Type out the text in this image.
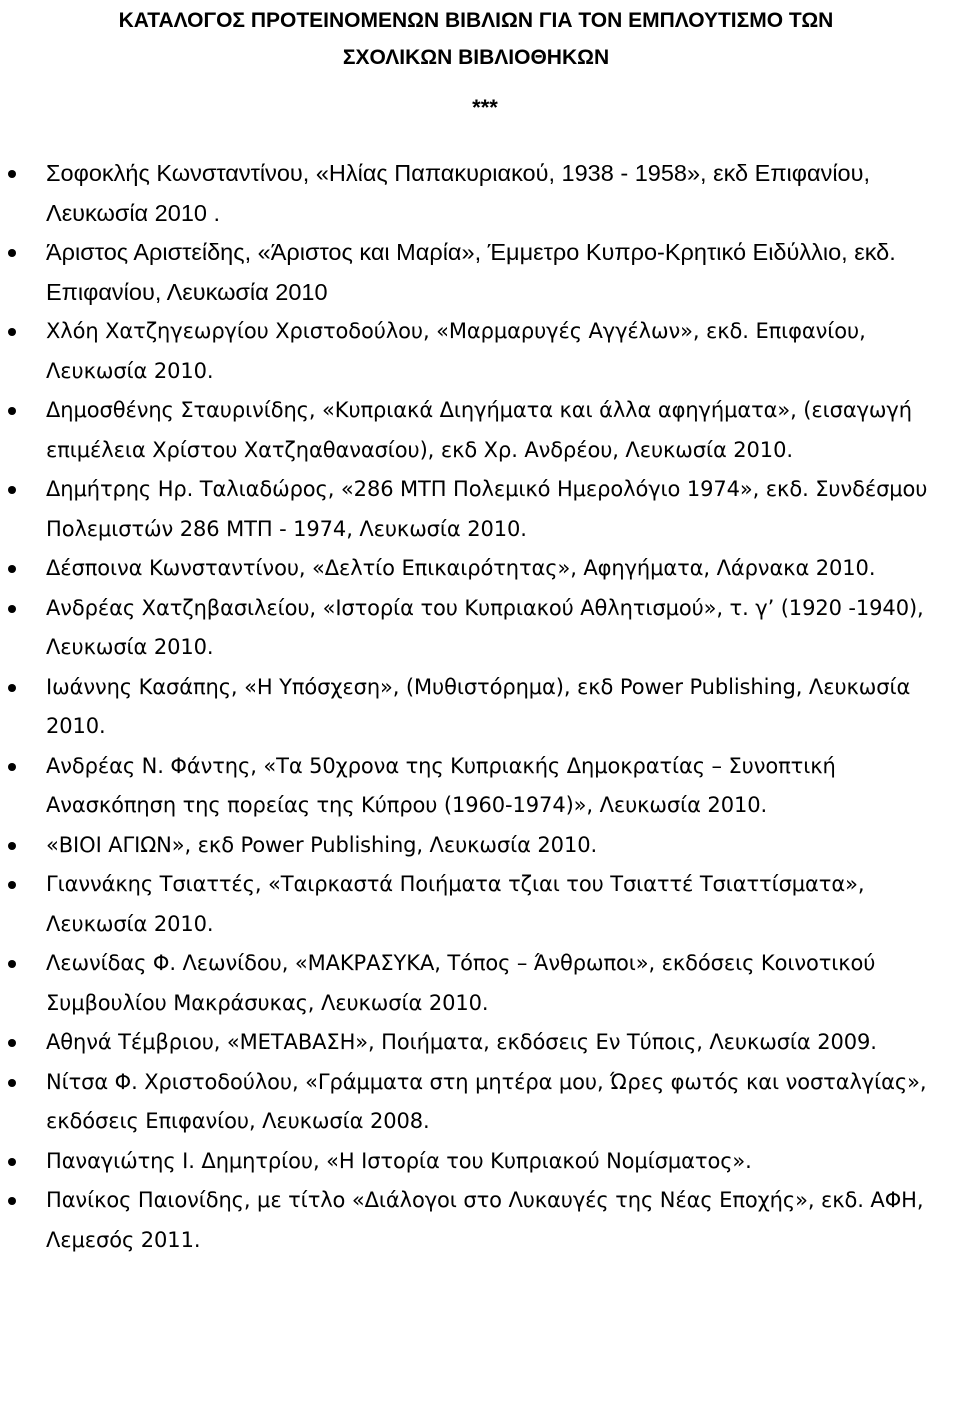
ΚΑΤΑΛΟΓΟΣ ΠΡΟΤΕΙΝΟΜΕΝΩΝ ΒΙΒΛΙΩΝ ΓΙΑ ΤΟΝ ΕΜΠΛΟΥΤΙΣΜΟ ΤΩΝ
ΣΧΟΛΙΚΩΝ ΒΙΒΛΙΟΘΗΚΩΝ

***

Σοφοκλής Κωνσταντίνου, «Ηλίας Παπακυριακού, 1938 - 1958», εκδ Επιφανίου, Λευκωσία 2010 .
Άριστος Αριστείδης, «Άριστος και Μαρία», Έμμετρο Κυπρο-Κρητικό Ειδύλλιο, εκδ. Επιφανίου, Λευκωσία 2010
Χλόη Χατζηγεωργίου Χριστοδούλου, «Μαρμαρυγές Αγγέλων», εκδ. Επιφανίου, Λευκωσία 2010.
Δημοσθένης Σταυρινίδης, «Κυπριακά Διηγήματα και άλλα αφηγήματα», (εισαγωγή επιμέλεια Χρίστου Χατζηαθανασίου), εκδ Χρ. Ανδρέου, Λευκωσία 2010.
Δημήτρης Ηρ. Ταλιαδώρος, «286 ΜΤΠ Πολεμικό Ημερολόγιο 1974», εκδ. Συνδέσμου Πολεμιστών 286 ΜΤΠ - 1974, Λευκωσία 2010.
Δέσποινα Κωνσταντίνου, «Δελτίο Επικαιρότητας», Αφηγήματα, Λάρνακα 2010.
Ανδρέας Χατζηβασιλείου, «Ιστορία του Κυπριακού Αθλητισμού», τ. γ’ (1920 -1940), Λευκωσία 2010.
Ιωάννης Κασάπης, «Η Υπόσχεση», (Μυθιστόρημα), εκδ Power Publishing, Λευκωσία 2010.
Ανδρέας Ν. Φάντης, «Τα 50χρονα της Κυπριακής Δημοκρατίας – Συνοπτική Ανασκόπηση της πορείας της Κύπρου (1960-1974)», Λευκωσία 2010.
«ΒΙΟΙ ΑΓΙΩΝ», εκδ Power Publishing, Λευκωσία 2010.
Γιαννάκης Τσιαττές, «Ταιρκαστά Ποιήματα τζιαι του Τσιαττέ Τσιαττίσματα», Λευκωσία 2010.
Λεωνίδας Φ. Λεωνίδου, «ΜΑΚΡΑΣΥΚΑ, Τόπος – Άνθρωποι», εκδόσεις Κοινοτικού Συμβουλίου Μακράσυκας, Λευκωσία 2010.
Αθηνά Τέμβριου, «ΜΕΤΑΒΑΣΗ», Ποιήματα, εκδόσεις Εν Τύποις, Λευκωσία 2009.
Νίτσα Φ. Χριστοδούλου, «Γράμματα στη μητέρα μου, Ώρες φωτός και νοσταλγίας», εκδόσεις Επιφανίου, Λευκωσία 2008.
Παναγιώτης Ι. Δημητρίου, «Η Ιστορία του Κυπριακού Νομίσματος».
Πανίκος Παιονίδης, με τίτλο «Διάλογοι στο Λυκαυγές της Νέας Εποχής», εκδ. ΑΦΗ, Λεμεσός 2011.
